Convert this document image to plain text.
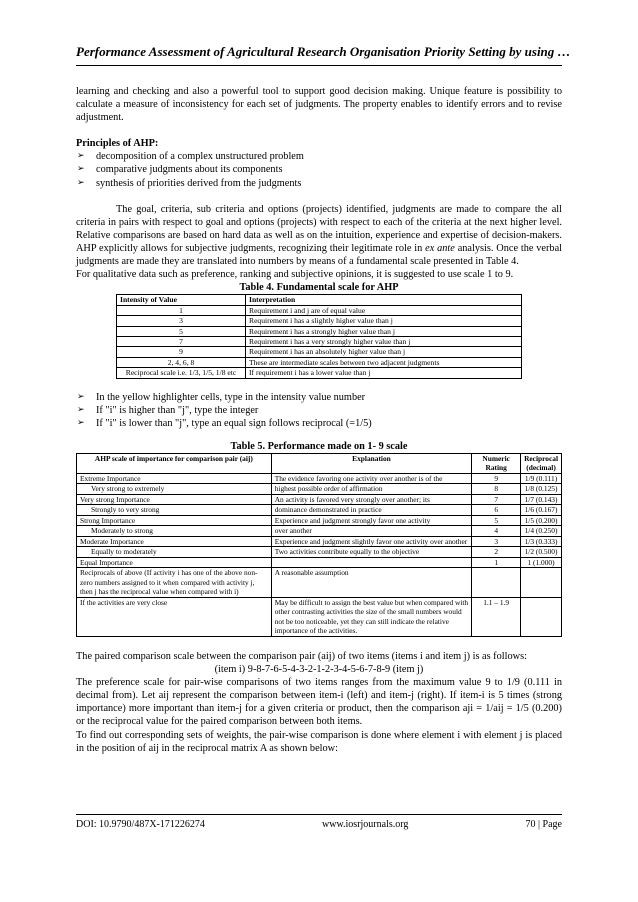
Performance Assessment of Agricultural Research Organisation Priority Setting by using …

learning and checking and also a powerful tool to support good decision making. Unique feature is possibility to calculate a measure of inconsistency for each set of judgments. The property enables to identify errors and to revise adjustment.

Principles of AHP:

➢ decomposition of a complex unstructured problem
➢ comparative judgments about its components
➢ synthesis of priorities derived from the judgments

The goal, criteria, sub criteria and options (projects) identified, judgments are made to compare the all criteria in pairs with respect to goal and options (projects) with respect to each of the criteria at the next higher level. Relative comparisons are based on hard data as well as on the intuition, experience and expertise of decision-makers. AHP explicitly allows for subjective judgments, recognizing their legitimate role in ex ante analysis. Once the verbal judgments are made they are translated into numbers by means of a fundamental scale presented in Table 4.

For qualitative data such as preference, ranking and subjective opinions, it is suggested to use scale 1 to 9.

Table 4. Fundamental scale for AHP

Intensity of Value	Interpretation
1	Requirement i and j are of equal value
3	Requirement i has a slightly higher value than j
5	Requirement i has a strongly higher value than j
7	Requirement i has a very strongly higher value than j
9	Requirement i has an absolutely higher value than j
2, 4, 6, 8	These are intermediate scales between two adjacent judgments
Reciprocal scale i.e. 1/3, 1/5, 1/8 etc	If requirement i has a lower value than j
➢ In the yellow highlighter cells, type in the intensity value number
➢ If "i" is higher than "j", type the integer
➢ If "i" is lower than "j", type an equal sign follows reciprocal (=1/5)

Table 5. Performance made on 1- 9 scale

AHP scale of importance for comparison pair (aij)	Explanation	Numeric Rating	Reciprocal (decimal)
Extreme Importance	The evidence favoring one activity over another is of the	9	1/9 (0.111)
Very strong to extremely	highest possible order of affirmation	8	1/8 (0.125)
Very strong Importance	An activity is favored very strongly over another; its	7	1/7 (0.143)
Strongly to very strong	dominance demonstrated in practice	6	1/6 (0.167)
Strong Importance	Experience and judgment strongly favor one activity	5	1/5 (0.200)
Moderately to strong	over another	4	1/4 (0.250)
Moderate Importance	Experience and judgment slightly favor one activity over another	3	1/3 (0.333)
Equally to moderately	Two activities contribute equally to the objective	2	1/2 (0.500)
Equal Importance		1	1 (1.000)
Reciprocals of above (If activity i has one of the above non-zero numbers assigned to it when compared with activity j, then j has the reciprocal value when compared with i)	A reasonable assumption		
If the activities are very close	May be difficult to assign the best value but when compared with other contrasting activities the size of the small numbers would not be too noticeable, yet they can still indicate the relative importance of the activities.	1.1 – 1.9	

The paired comparison scale between the comparison pair (aij) of two items (items i and item j) is as follows:

(item i) 9-8-7-6-5-4-3-2-1-2-3-4-5-6-7-8-9 (item j)

The preference scale for pair-wise comparisons of two items ranges from the maximum value 9 to 1/9 (0.111 in decimal from). Let aij represent the comparison between item-i (left) and item-j (right). If item-i is 5 times (strong importance) more important than item-j for a given criteria or product, then the comparison aji = 1/aij = 1/5 (0.200) or the reciprocal value for the paired comparison between both items.

To find out corresponding sets of weights, the pair-wise comparison is done where element i with element j is placed in the position of aij in the reciprocal matrix A as shown below:

DOI: 10.9790/487X-171226274	www.iosrjournals.org	70 | Page
